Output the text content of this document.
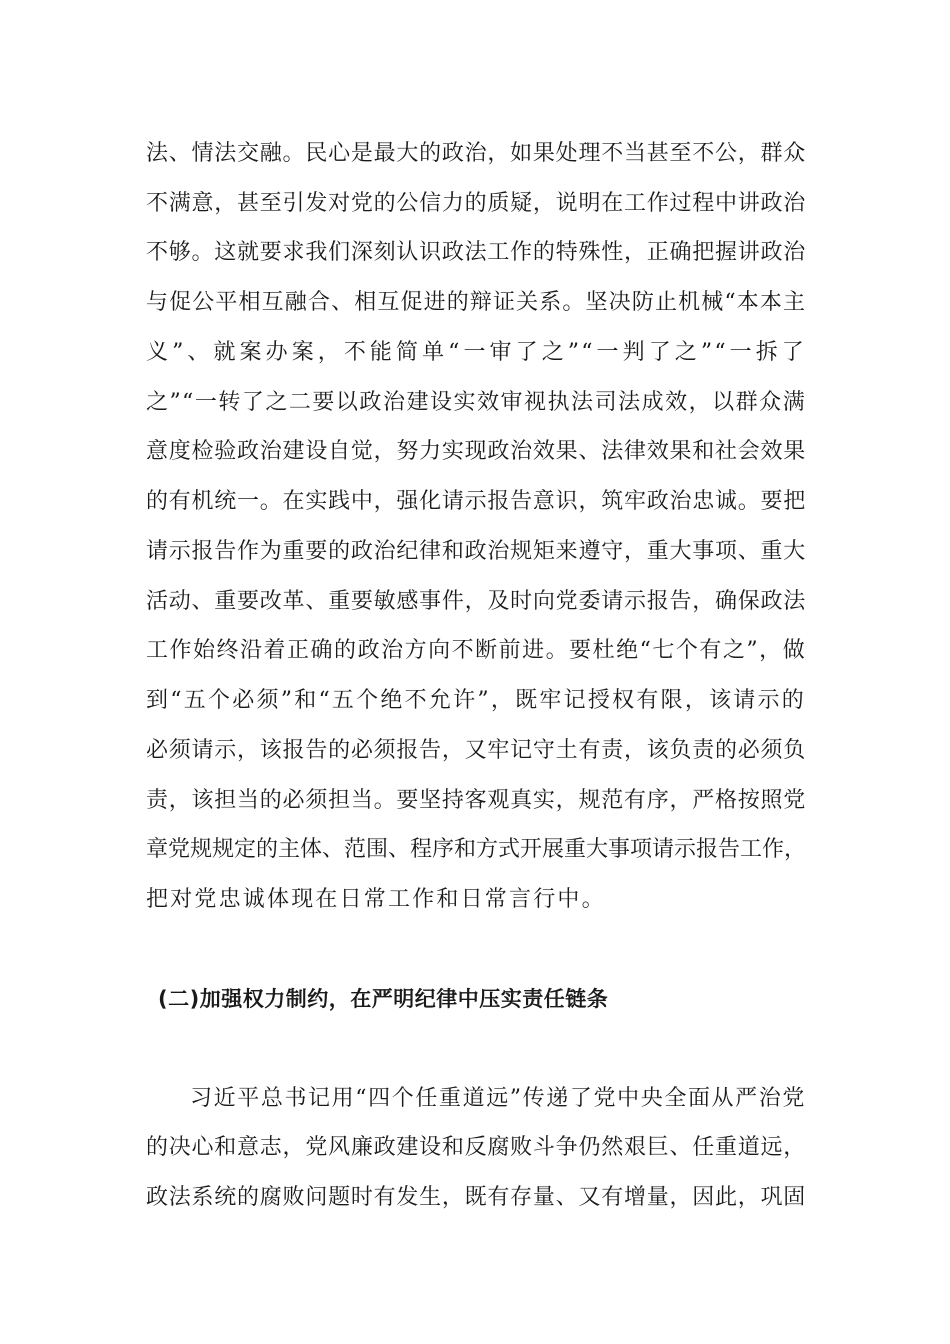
法、情法交融。民心是最大的政治，如果处理不当甚至不公，群众
不满意，甚至引发对党的公信力的质疑，说明在工作过程中讲政治
不够。这就要求我们深刻认识政法工作的特殊性，正确把握讲政治
与促公平相互融合、相互促进的辩证关系。坚决防止机械“本本主
义”、就案办案，不能简单“一审了之”“一判了之”“一拆了
之”“一转了之二要以政治建设实效审视执法司法成效，以群众满
意度检验政治建设自觉，努力实现政治效果、法律效果和社会效果
的有机统一。在实践中，强化请示报告意识，筑牢政治忠诚。要把
请示报告作为重要的政治纪律和政治规矩来遵守，重大事项、重大
活动、重要改革、重要敏感事件，及时向党委请示报告，确保政法
工作始终沿着正确的政治方向不断前进。要杜绝“七个有之”，做
到“五个必须”和“五个绝不允许”，既牢记授权有限，该请示的
必须请示，该报告的必须报告，又牢记守土有责，该负责的必须负
责，该担当的必须担当。要坚持客观真实，规范有序，严格按照党
章党规规定的主体、范围、程序和方式开展重大事项请示报告工作，
把对党忠诚体现在日常工作和日常言行中。
(二)加强权力制约，在严明纪律中压实责任链条
习近平总书记用“四个任重道远”传递了党中央全面从严治党
的决心和意志，党风廉政建设和反腐败斗争仍然艰巨、任重道远，
政法系统的腐败问题时有发生，既有存量、又有增量，因此，巩固
